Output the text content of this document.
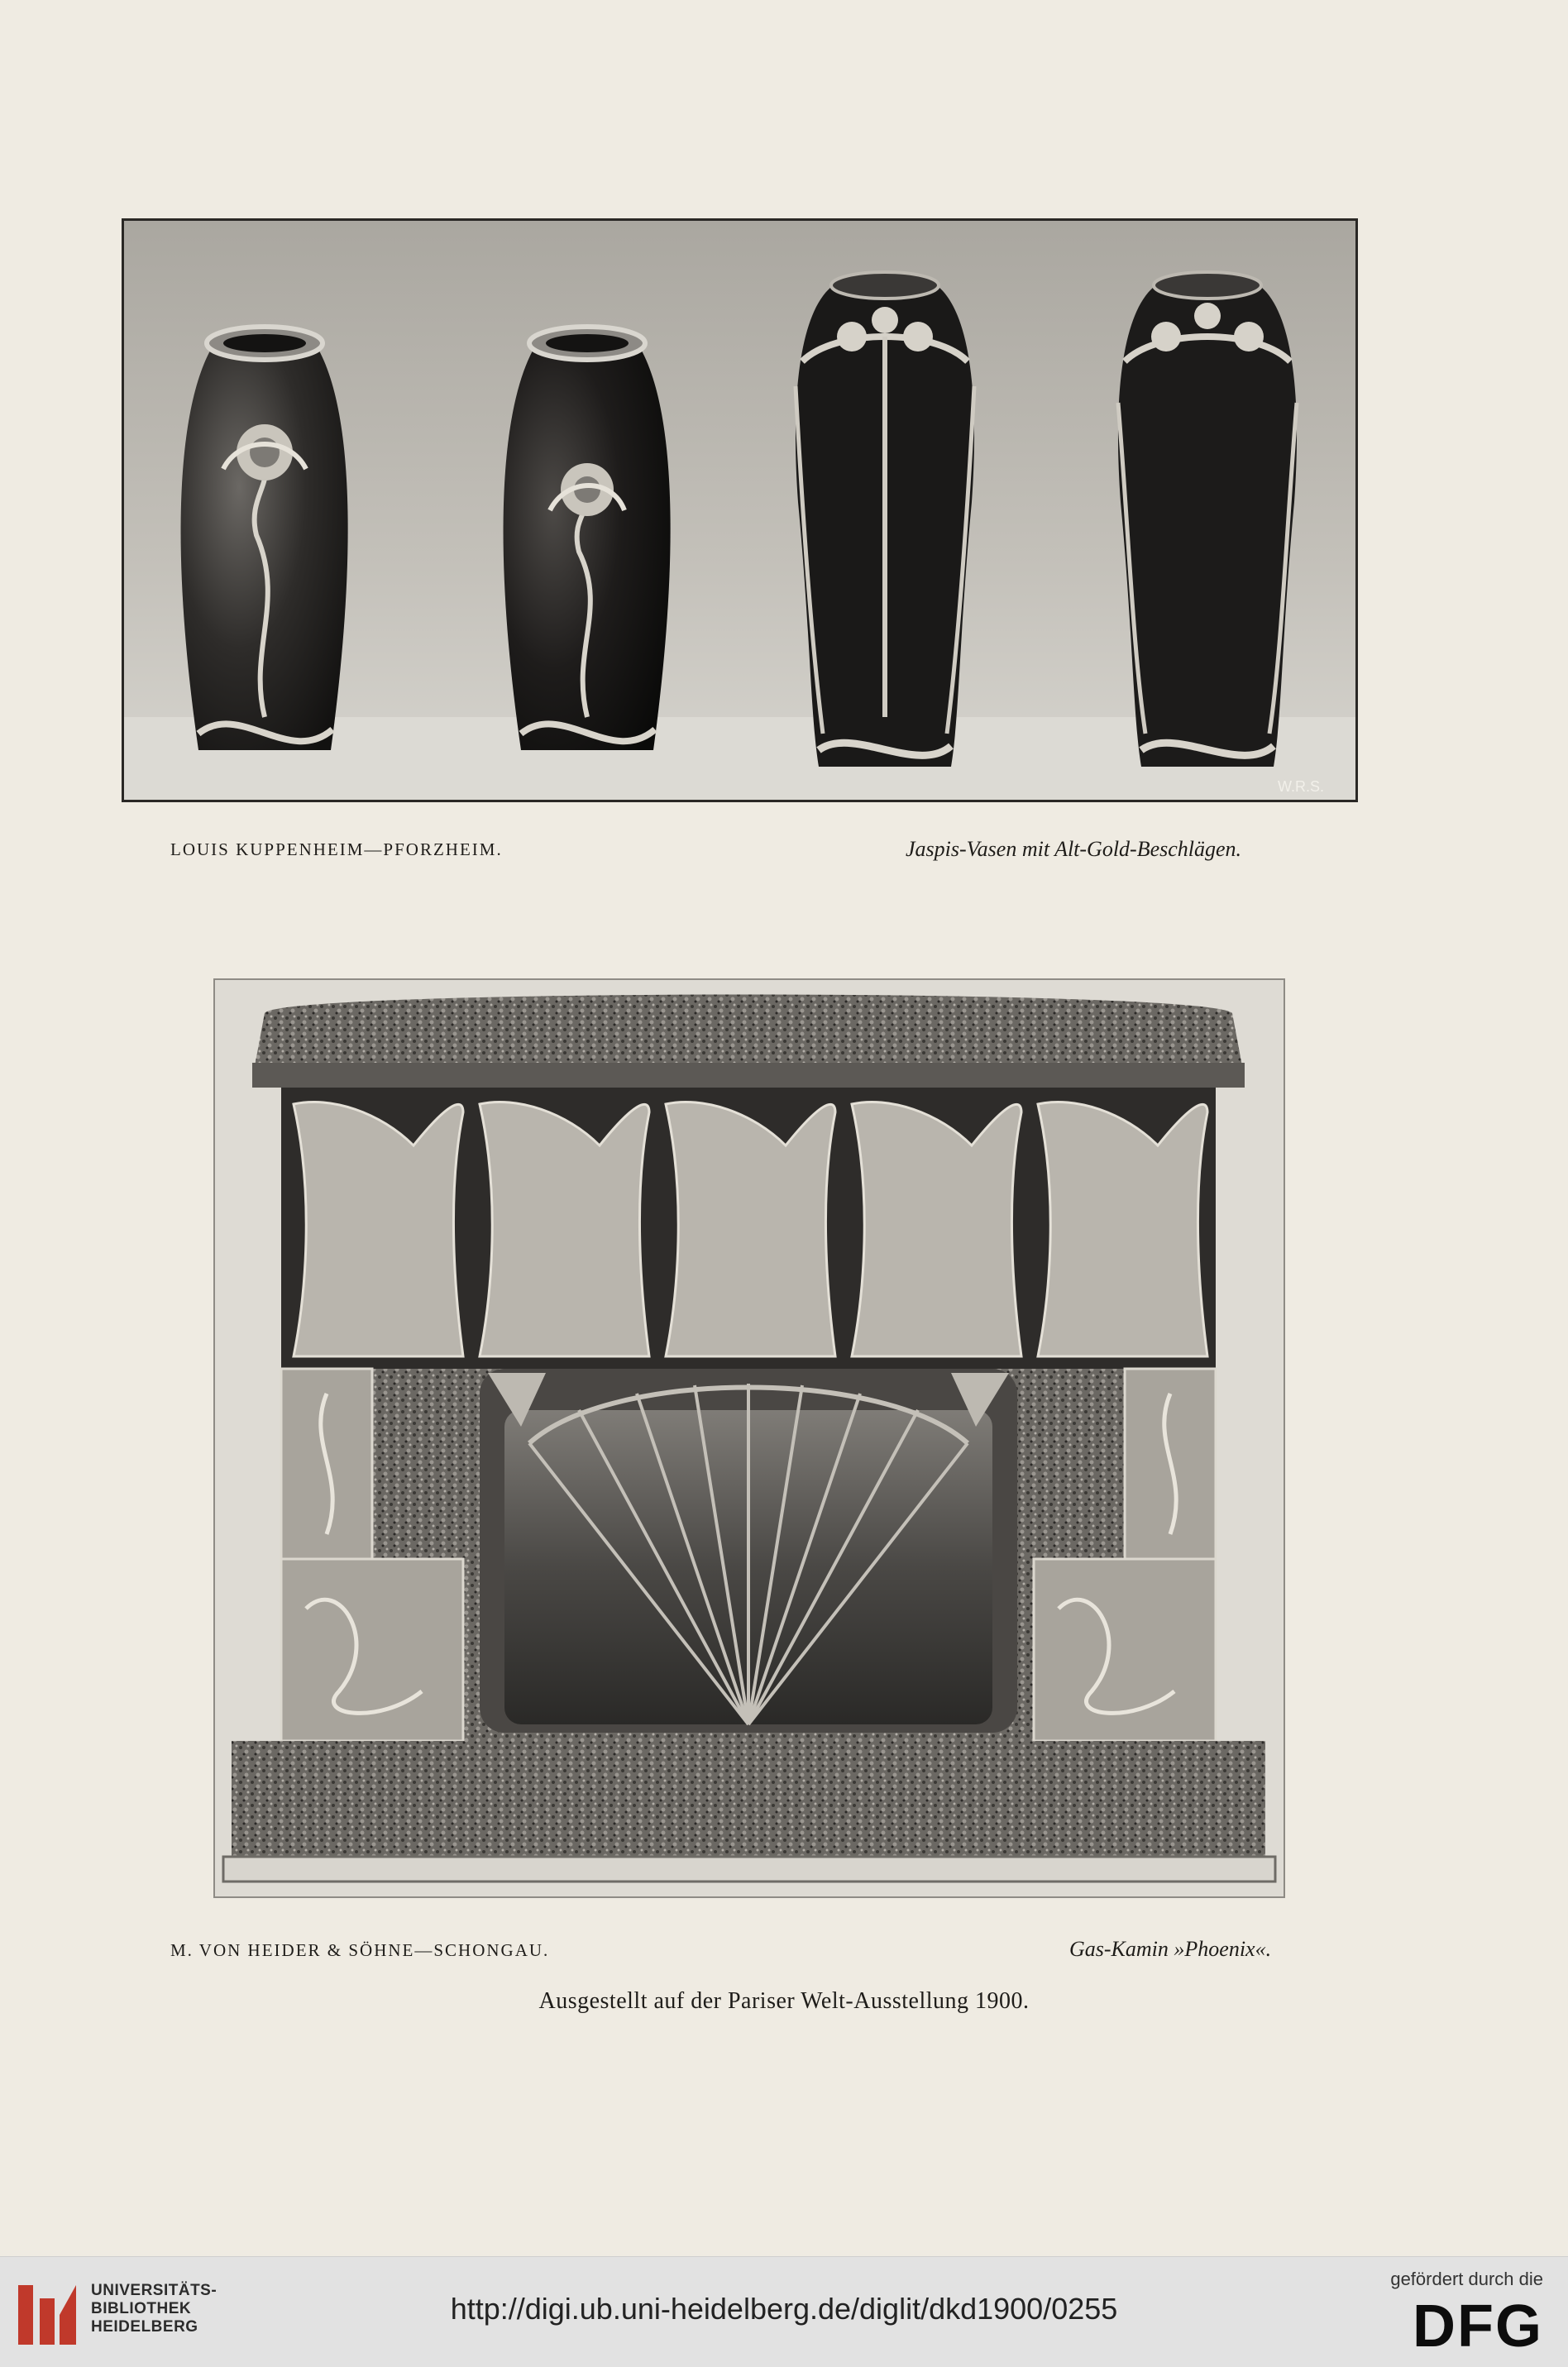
W.R.S.
LOUIS KUPPENHEIM—PFORZHEIM.	Jaspis-Vasen mit Alt-Gold-Beschlägen.
M. VON HEIDER & SÖHNE—SCHONGAU.	Gas-Kamin »Phoenix«.
Ausgestellt auf der Pariser Welt-Ausstellung 1900.
UNIVERSITÄTS-
BIBLIOTHEK
HEIDELBERG
http://digi.ub.uni-heidelberg.de/diglit/dkd1900/0255
gefördert durch die
DFG
